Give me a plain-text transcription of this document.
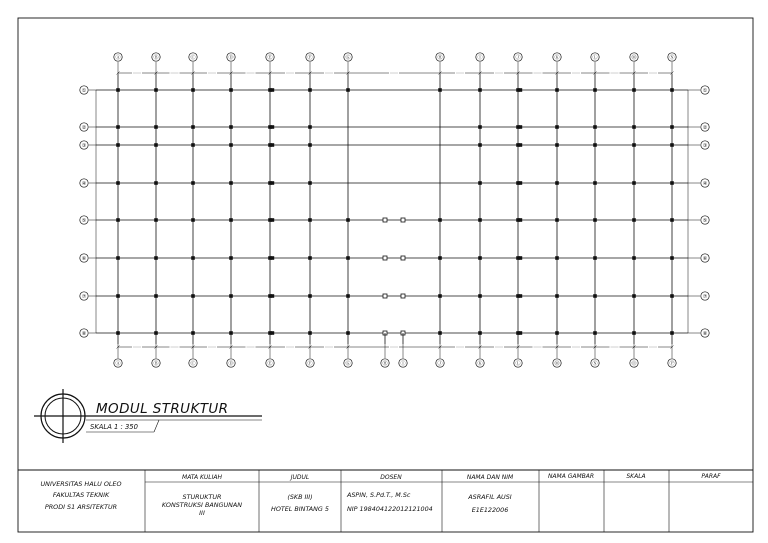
Ⓐ	Ⓑ	Ⓒ	Ⓓ	Ⓔ	Ⓕ	Ⓖ	Ⓗ	Ⓘ	Ⓙ	Ⓚ	Ⓛ	Ⓜ	Ⓝ
Ⓐ	Ⓑ	Ⓒ	Ⓓ	Ⓔ	Ⓕ	Ⓖ	Ⓗ	Ⓘ	Ⓙ	Ⓚ	Ⓛ	Ⓜ	Ⓝ	Ⓞ	Ⓟ
①	①
②	②
③	③
④	④
⑤	⑤
⑥	⑥
⑦	⑦
⑧	⑧
MODUL STRUKTUR
SKALA 1 : 350
UNIVERSITAS HALU OLEO
FAKULTAS TEKNIK
PRODI S1 ARSITEKTUR
MATA KULIAH
STURUKTUR
KONSTRUKSI BANGUNAN
III
JUDUL
(SKB III)
HOTEL BINTANG 5
DOSEN
ASPIN, S.Pd.T., M.Sc
NIP 198404122012121004
NAMA DAN NIM
ASRAFIL AUSI
E1E122006
NAMA GAMBAR	SKALA	PARAF
